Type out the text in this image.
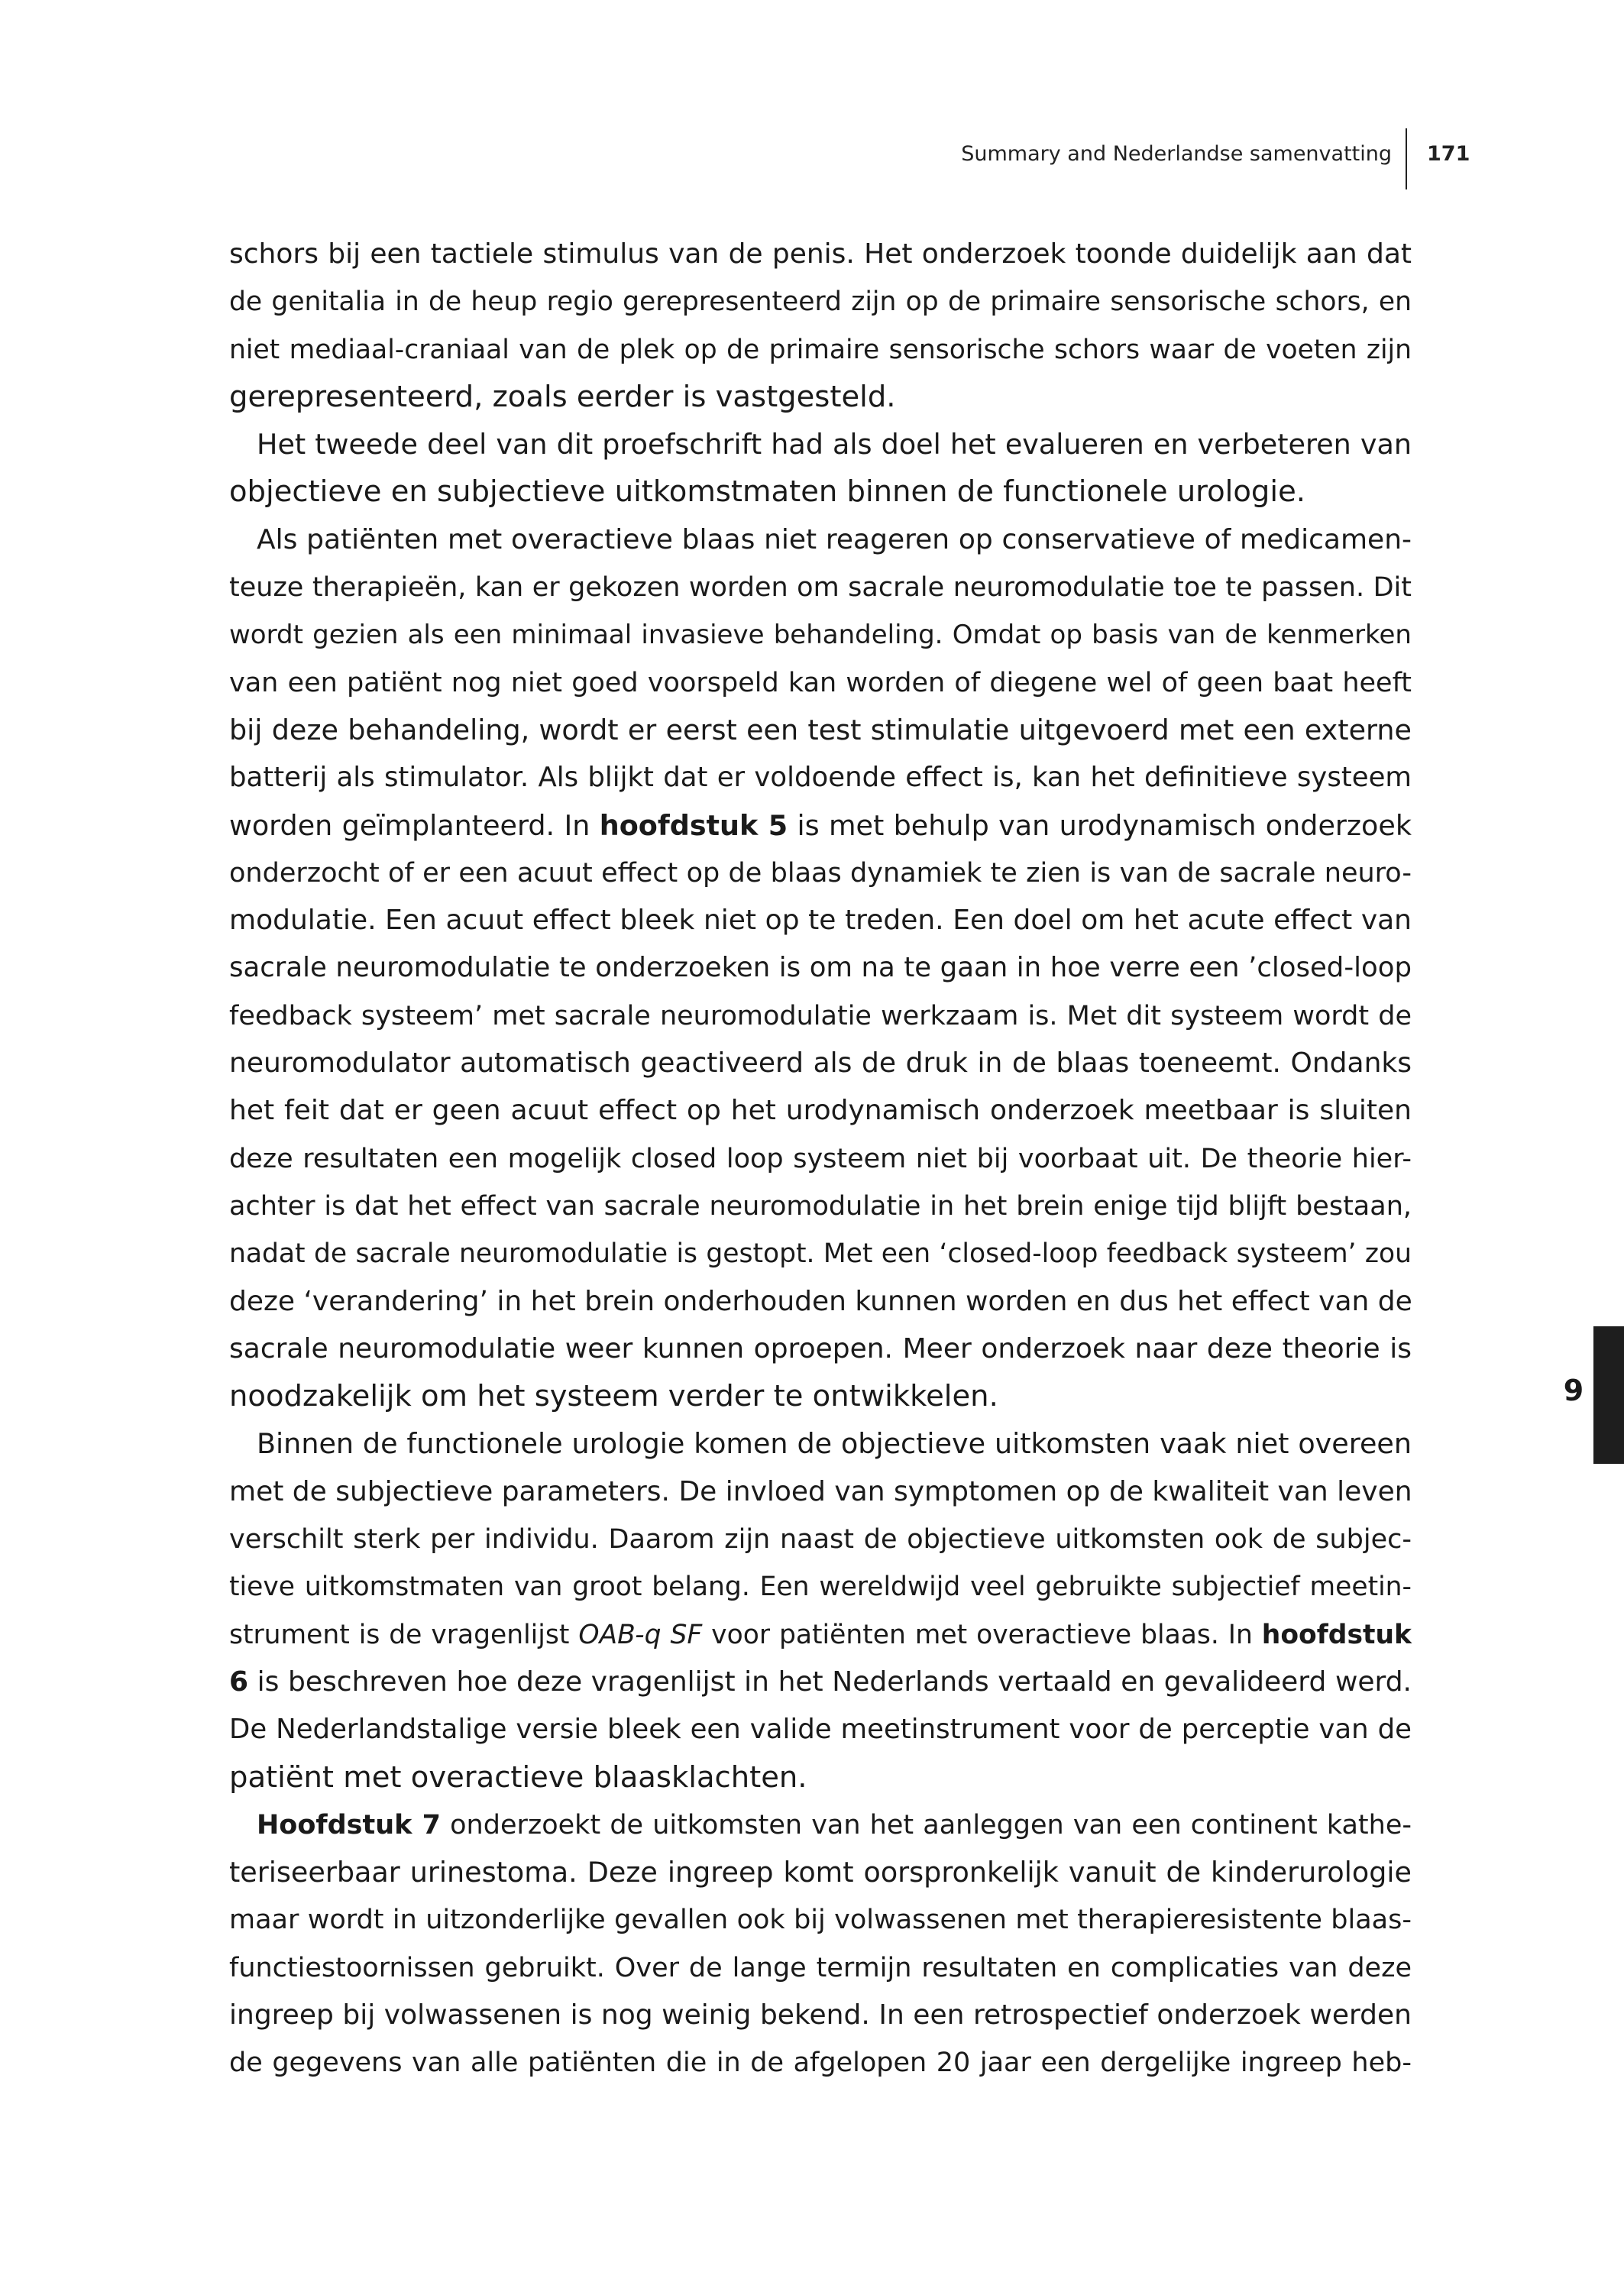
Summary and Nederlandse samenvatting 171
schors bij een tactiele stimulus van de penis. Het onderzoek toonde duidelijk aan dat
de genitalia in de heup regio gerepresenteerd zijn op de primaire sensorische schors, en
niet mediaal-craniaal van de plek op de primaire sensorische schors waar de voeten zijn
gerepresenteerd, zoals eerder is vastgesteld.
Het tweede deel van dit proefschrift had als doel het evalueren en verbeteren van
objectieve en subjectieve uitkomstmaten binnen de functionele urologie.
Als patiënten met overactieve blaas niet reageren op conservatieve of medicamen-
teuze therapieën, kan er gekozen worden om sacrale neuromodulatie toe te passen. Dit
wordt gezien als een minimaal invasieve behandeling. Omdat op basis van de kenmerken
van een patiënt nog niet goed voorspeld kan worden of diegene wel of geen baat heeft
bij deze behandeling, wordt er eerst een test stimulatie uitgevoerd met een externe
batterij als stimulator. Als blijkt dat er voldoende effect is, kan het definitieve systeem
worden geïmplanteerd. In hoofdstuk 5 is met behulp van urodynamisch onderzoek
onderzocht of er een acuut effect op de blaas dynamiek te zien is van de sacrale neuro-
modulatie. Een acuut effect bleek niet op te treden. Een doel om het acute effect van
sacrale neuromodulatie te onderzoeken is om na te gaan in hoe verre een ’closed-loop
feedback systeem’ met sacrale neuromodulatie werkzaam is. Met dit systeem wordt de
neuromodulator automatisch geactiveerd als de druk in de blaas toeneemt. Ondanks
het feit dat er geen acuut effect op het urodynamisch onderzoek meetbaar is sluiten
deze resultaten een mogelijk closed loop systeem niet bij voorbaat uit. De theorie hier-
achter is dat het effect van sacrale neuromodulatie in het brein enige tijd blijft bestaan,
nadat de sacrale neuromodulatie is gestopt. Met een ‘closed-loop feedback systeem’ zou
deze ‘verandering’ in het brein onderhouden kunnen worden en dus het effect van de
sacrale neuromodulatie weer kunnen oproepen. Meer onderzoek naar deze theorie is
noodzakelijk om het systeem verder te ontwikkelen.
Binnen de functionele urologie komen de objectieve uitkomsten vaak niet overeen
met de subjectieve parameters. De invloed van symptomen op de kwaliteit van leven
verschilt sterk per individu. Daarom zijn naast de objectieve uitkomsten ook de subjec-
tieve uitkomstmaten van groot belang. Een wereldwijd veel gebruikte subjectief meetin-
strument is de vragenlijst OAB-q SF voor patiënten met overactieve blaas. In hoofdstuk
6 is beschreven hoe deze vragenlijst in het Nederlands vertaald en gevalideerd werd.
De Nederlandstalige versie bleek een valide meetinstrument voor de perceptie van de
patiënt met overactieve blaasklachten.
Hoofdstuk 7 onderzoekt de uitkomsten van het aanleggen van een continent kathe-
teriseerbaar urinestoma. Deze ingreep komt oorspronkelijk vanuit de kinderurologie
maar wordt in uitzonderlijke gevallen ook bij volwassenen met therapieresistente blaas-
functiestoornissen gebruikt. Over de lange termijn resultaten en complicaties van deze
ingreep bij volwassenen is nog weinig bekend. In een retrospectief onderzoek werden
de gegevens van alle patiënten die in de afgelopen 20 jaar een dergelijke ingreep heb-
9
